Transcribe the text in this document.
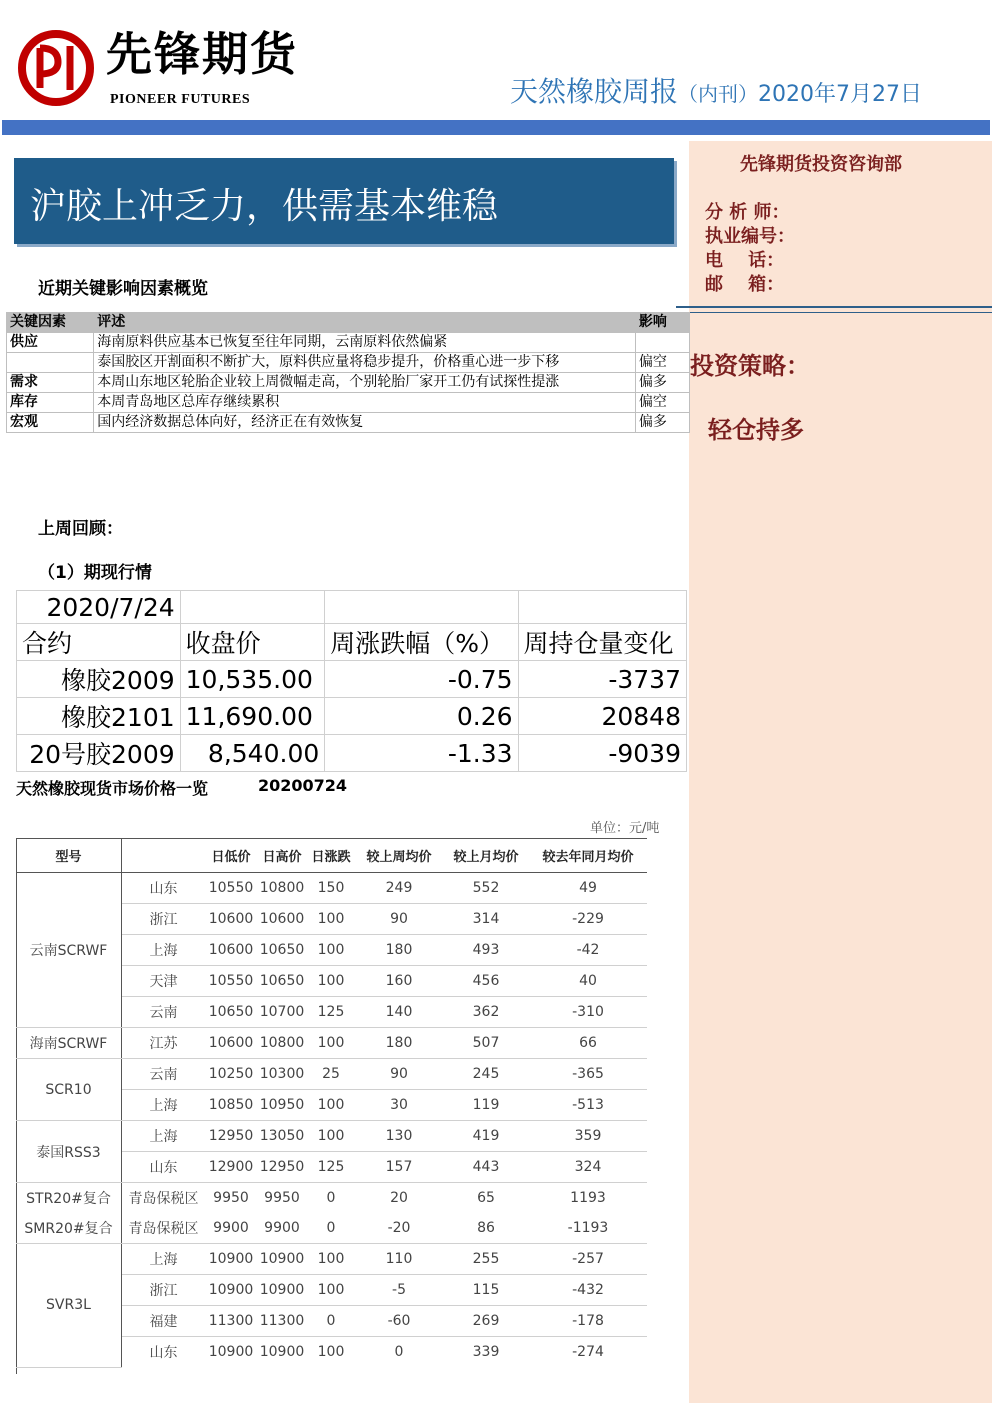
先锋期货
PIONEER FUTURES	天然橡胶周报（内刊）2020年7月27日
先锋期货投资咨询部
分 析 师：
执业编号：
电    话：
邮    箱：
投资策略：
轻仓持多
沪胶上冲乏力，供需基本维稳
近期关键影响因素概览
关键因素	评述	影响
供应	海南原料供应基本已恢复至往年同期，云南原料依然偏紧	
	泰国胶区开割面积不断扩大，原料供应量将稳步提升，价格重心进一步下移	偏空
需求	本周山东地区轮胎企业较上周微幅走高，个别轮胎厂家开工仍有试探性提涨	偏多
库存	本周青岛地区总库存继续累积	偏空
宏观	国内经济数据总体向好，经济正在有效恢复	偏多
上周回顾：
（1）期现行情
2020/7/24			
合约	收盘价	周涨跌幅（%）	周持仓量变化
橡胶2009	10,535.00	-0.75	-3737
橡胶2101	11,690.00	0.26	20848
20号胶2009	8,540.00	-1.33	-9039
天然橡胶现货市场价格一览	20200724
单位：元/吨
型号		日低价	日高价	日涨跌	较上周均价	较上月均价	较去年同月均价
云南SCRWF	山东	10550	10800	150	249	552	49
	浙江	10600	10600	100	90	314	-229
	上海	10600	10650	100	180	493	-42
	天津	10550	10650	100	160	456	40
	云南	10650	10700	125	140	362	-310
海南SCRWF	江苏	10600	10800	100	180	507	66
SCR10	云南	10250	10300	25	90	245	-365
	上海	10850	10950	100	30	119	-513
泰国RSS3	上海	12950	13050	100	130	419	359
	山东	12900	12950	125	157	443	324
STR20#复合	青岛保税区	9950	9950	0	20	65	1193
SMR20#复合	青岛保税区	9900	9900	0	-20	86	-1193
SVR3L	上海	10900	10900	100	110	255	-257
	浙江	10900	10900	100	-5	115	-432
	福建	11300	11300	0	-60	269	-178
	山东	10900	10900	100	0	339	-274
